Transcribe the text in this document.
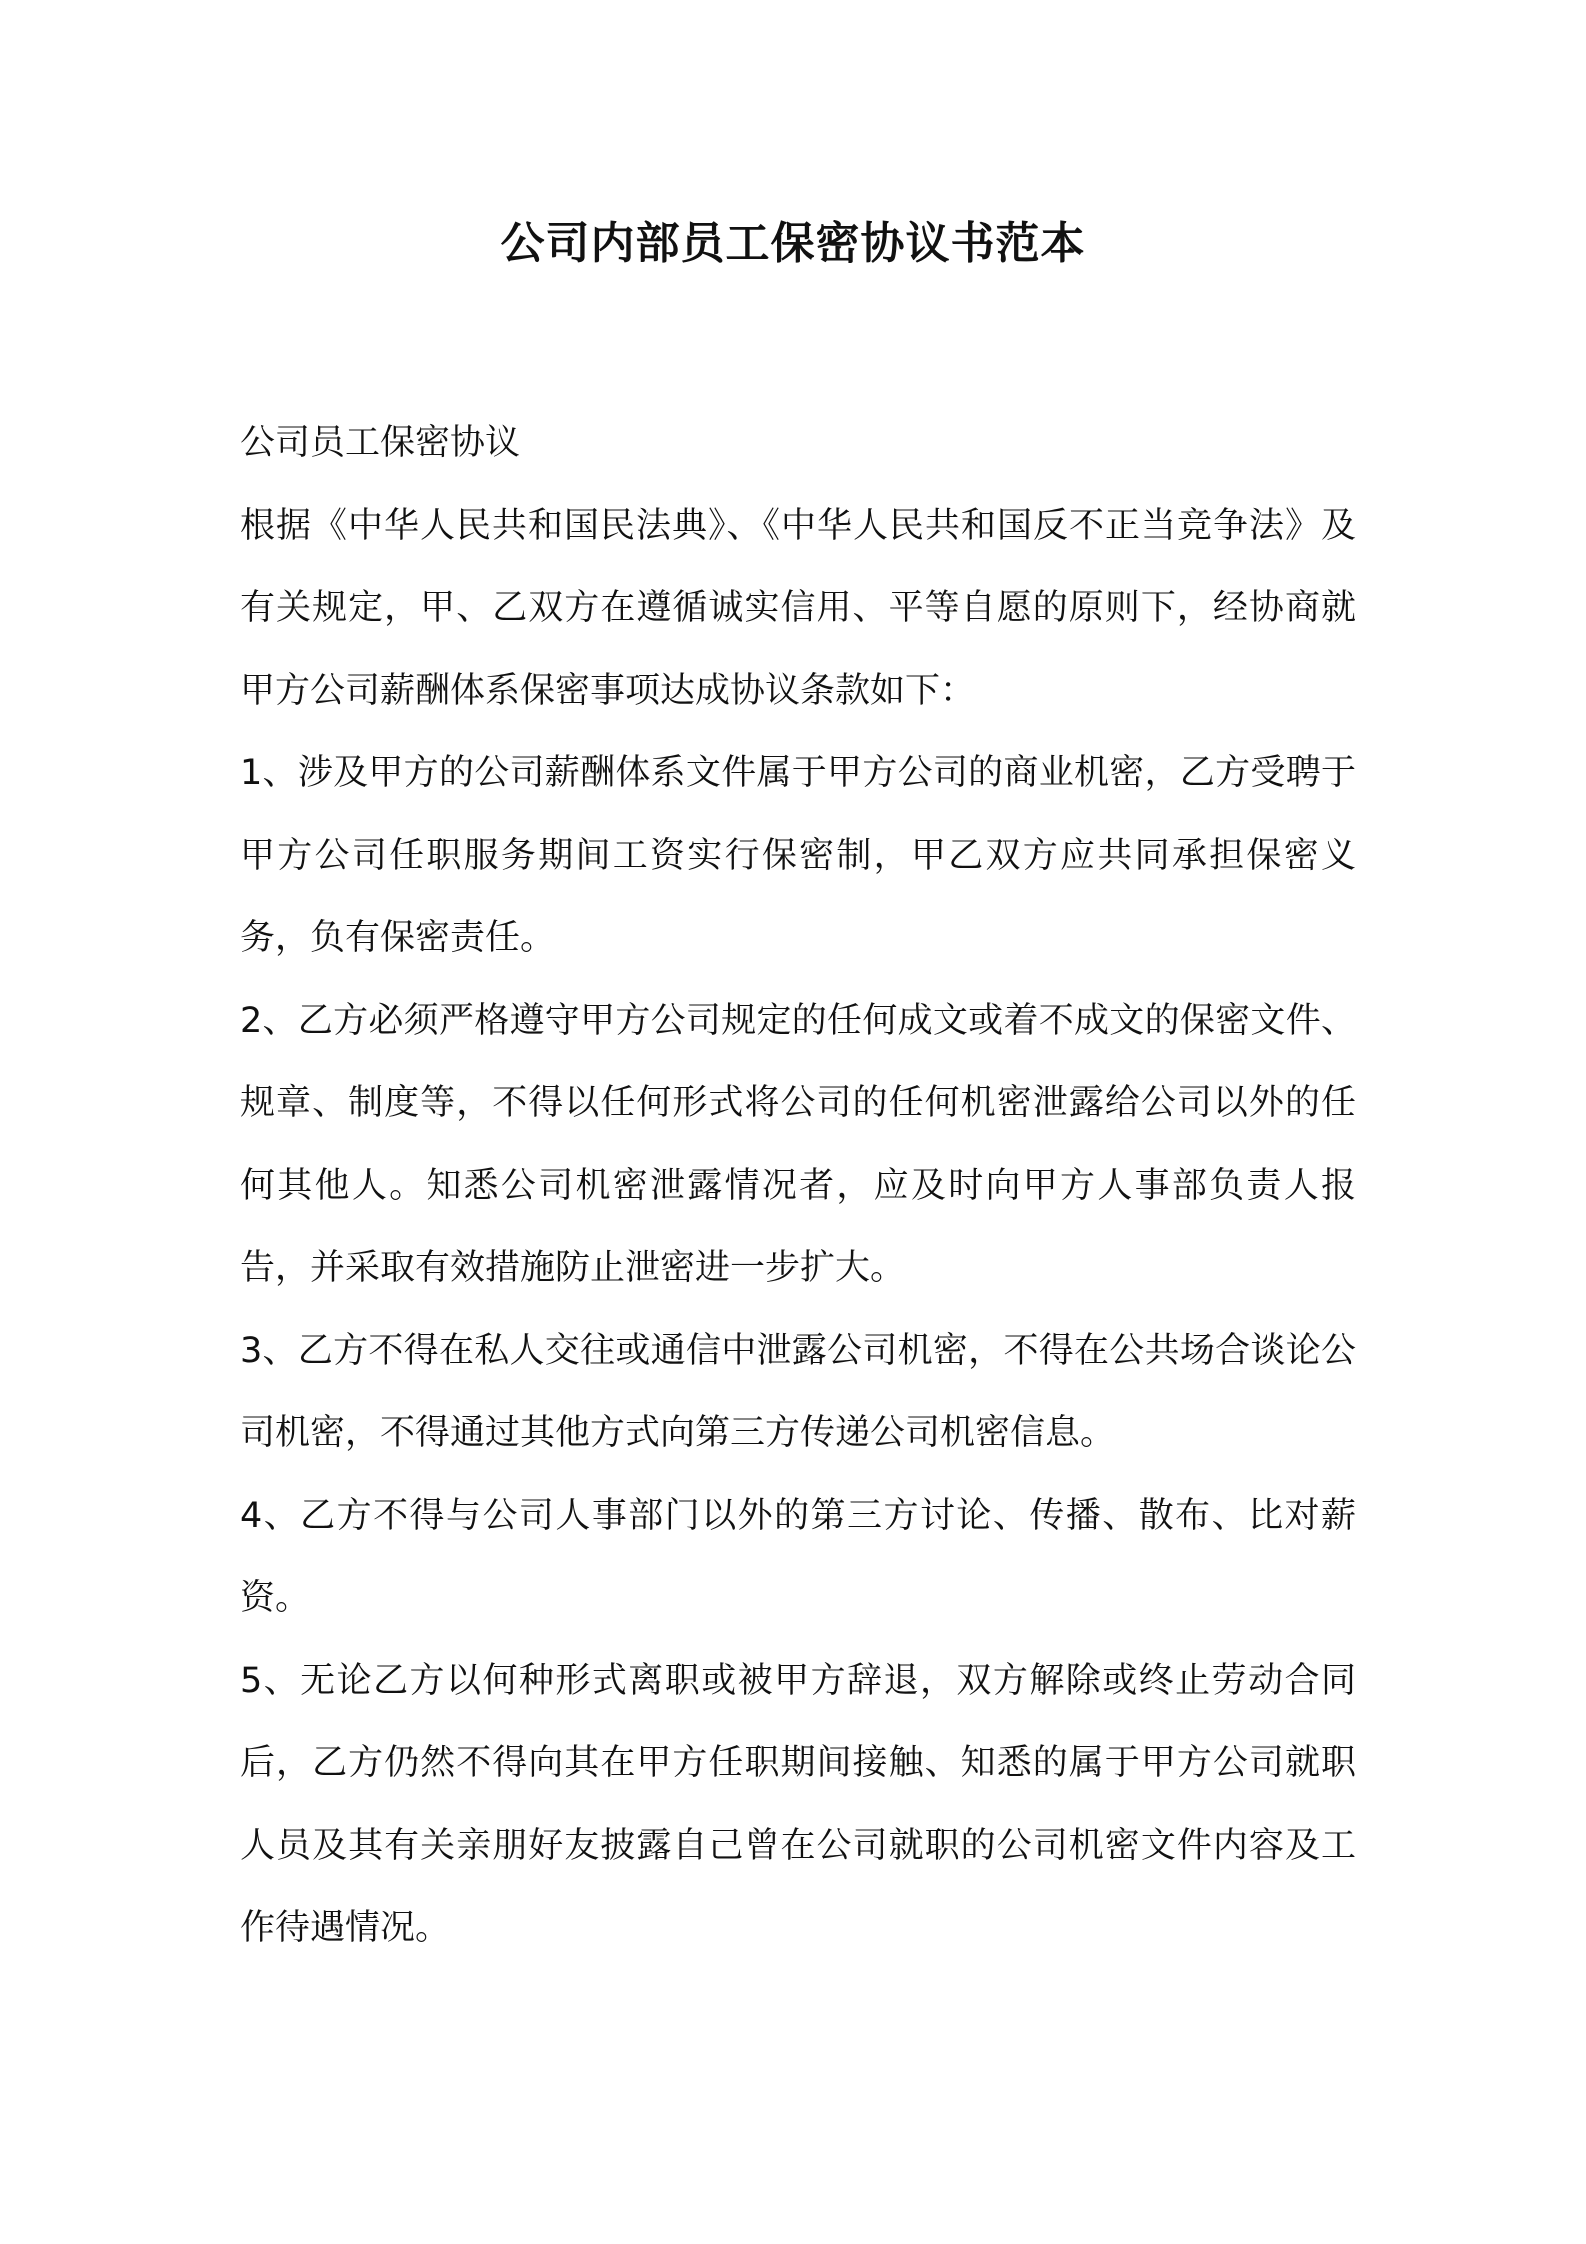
公司内部员工保密协议书范本

公司员工保密协议

根据《中华人民共和国民法典》、《中华人民共和国反不正当竞争法》及有关规定，甲、乙双方在遵循诚实信用、平等自愿的原则下，经协商就甲方公司薪酬体系保密事项达成协议条款如下：

1、涉及甲方的公司薪酬体系文件属于甲方公司的商业机密，乙方受聘于甲方公司任职服务期间工资实行保密制，甲乙双方应共同承担保密义务，负有保密责任。

2、乙方必须严格遵守甲方公司规定的任何成文或着不成文的保密文件、规章、制度等，不得以任何形式将公司的任何机密泄露给公司以外的任何其他人。知悉公司机密泄露情况者，应及时向甲方人事部负责人报告，并采取有效措施防止泄密进一步扩大。

3、乙方不得在私人交往或通信中泄露公司机密，不得在公共场合谈论公司机密，不得通过其他方式向第三方传递公司机密信息。

4、乙方不得与公司人事部门以外的第三方讨论、传播、散布、比对薪资。

5、无论乙方以何种形式离职或被甲方辞退，双方解除或终止劳动合同后，乙方仍然不得向其在甲方任职期间接触、知悉的属于甲方公司就职人员及其有关亲朋好友披露自己曾在公司就职的公司机密文件内容及工作待遇情况。
